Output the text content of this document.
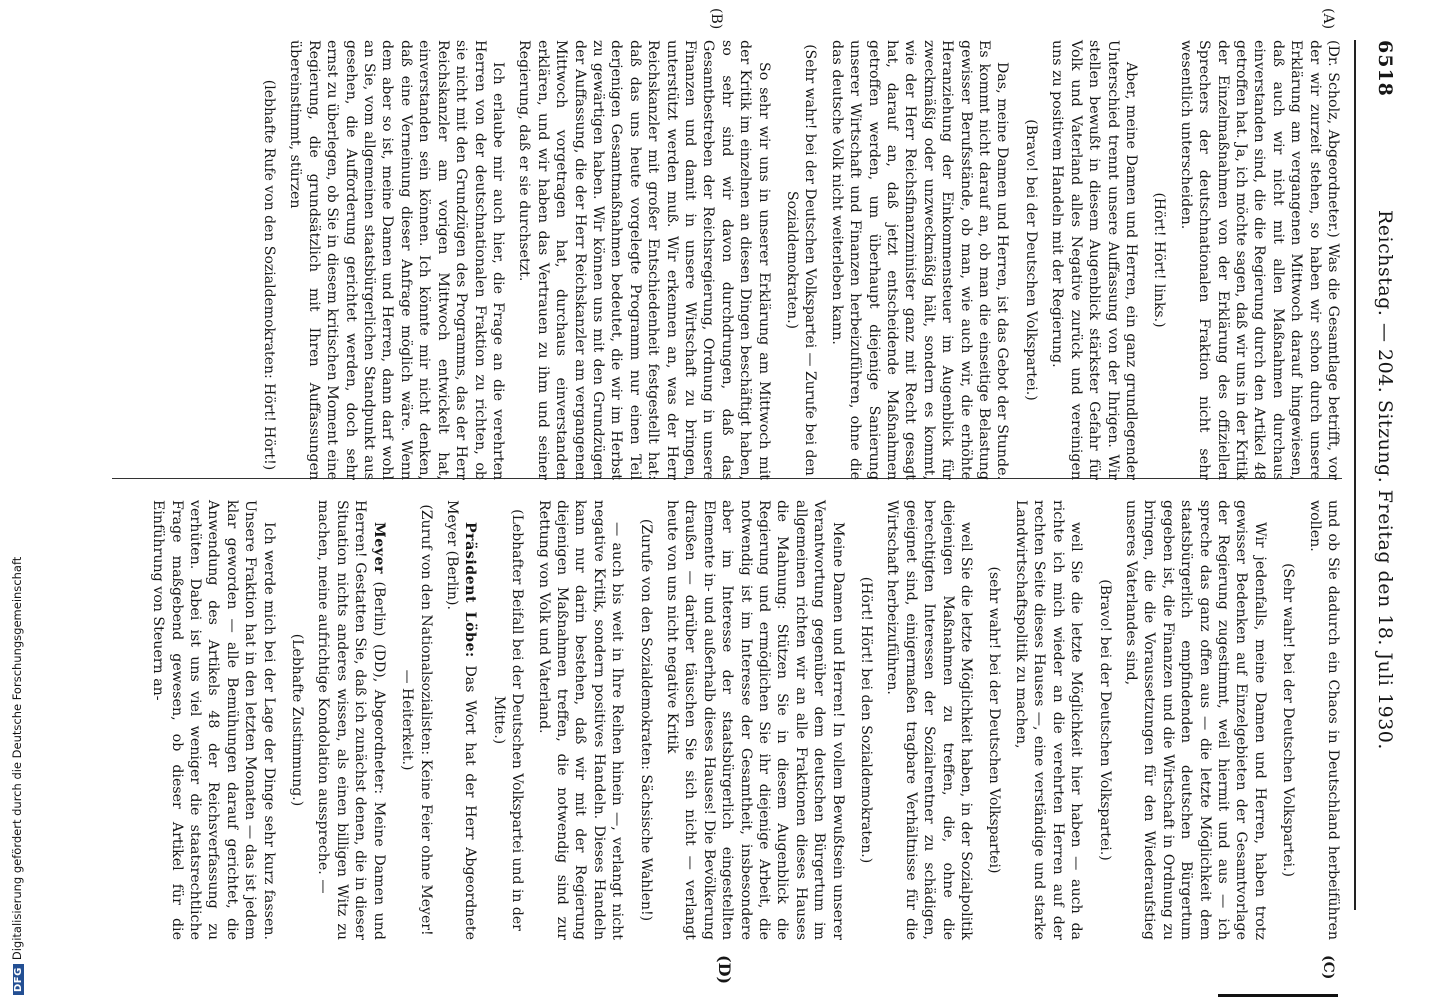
6518
Reichstag. — 204. Sitzung. Freitag den 18. Juli 1930.
(A)
(B)
(C)
(D)
(Dr. Scholz, Abgeordneter.) Was die Gesamtlage betrifft, vor der wir zurzeit stehen, so haben wir schon durch unsere Erklärung am vergangenen Mittwoch darauf hingewiesen, daß auch wir nicht mit allen Maßnahmen durchaus einverstanden sind, die die Regierung durch den Artikel 48 getroffen hat. Ja, ich möchte sagen, daß wir uns in der Kritik der Einzelmaßnahmen von der Erklärung des offiziellen Sprechers der deutschnationalen Fraktion nicht sehr wesentlich unterscheiden.
(Hört! Hört! links.)
Aber, meine Damen und Herren, ein ganz grundlegender Unterschied trennt unsere Auffassung von der Ihrigen. Wir stellen bewußt in diesem Augenblick stärkster Gefahr für Volk und Vaterland alles Negative zurück und vereinigen uns zu positivem Handeln mit der Regierung.
(Bravo! bei der Deutschen Volkspartei.)
Das, meine Damen und Herren, ist das Gebot der Stunde. Es kommt nicht darauf an, ob man die einseitige Belastung gewisser Berufsstände, ob man, wie auch wir, die erhöhte Heranziehung der Einkommensteuer im Augenblick für zweckmäßig oder unzweckmäßig hält, sondern es kommt, wie der Herr Reichsfinanzminister ganz mit Recht gesagt hat, darauf an, daß jetzt entscheidende Maßnahmen getroffen werden, um überhaupt diejenige Sanierung unserer Wirtschaft und Finanzen herbeizuführen, ohne die das deutsche Volk nicht weiterleben kann.
(Sehr wahr! bei der Deutschen Volkspartei — Zurufe bei den Sozialdemokraten.)
So sehr wir uns in unserer Erklärung am Mittwoch mit der Kritik im einzelnen an diesen Dingen beschäftigt haben, so sehr sind wir davon durchdrungen, daß das Gesamtbestreben der Reichsregierung, Ordnung in unsere Finanzen und damit in unsere Wirtschaft zu bringen, unterstützt werden muß. Wir erkennen an, was der Herr Reichskanzler mit großer Entschiedenheit festgestellt hat: daß das uns heute vorgelegte Programm nur einen Teil derjenigen Gesamtmaßnahmen bedeutet, die wir im Herbst zu gewärtigen haben. Wir können uns mit den Grundzügen der Auffassung, die der Herr Reichskanzler am vergangenen Mittwoch vorgetragen hat, durchaus einverstanden erklären, und wir haben das Vertrauen zu ihm und seiner Regierung, daß er sie durchsetzt.
Ich erlaube mir auch hier, die Frage an die verehrten Herren von der deutschnationalen Fraktion zu richten, ob sie nicht mit den Grundzügen des Programms, das der Herr Reichskanzler am vorigen Mittwoch entwickelt hat, einverstanden sein können. Ich könnte mir nicht denken, daß eine Verneinung dieser Anfrage möglich wäre. Wenn dem aber so ist, meine Damen und Herren, dann darf wohl an Sie, vom allgemeinen staatsbürgerlichen Standpunkt aus gesehen, die Aufforderung gerichtet werden, doch sehr ernst zu überlegen, ob Sie in diesem kritischen Moment eine Regierung, die grundsätzlich mit Ihren Auffassungen übereinstimmt, stürzen
(lebhafte Rufe von den Sozialdemokraten: Hört! Hört!)
und ob Sie dadurch ein Chaos in Deutschland herbeiführen wollen.
(Sehr wahr! bei der Deutschen Volkspartei.)
Wir jedenfalls, meine Damen und Herren, haben trotz gewisser Bedenken auf Einzelgebieten der Gesamtvorlage der Regierung zugestimmt, weil hiermit und aus — ich spreche das ganz offen aus — die letzte Möglichkeit dem staatsbürgerlich empfindenden deutschen Bürgertum gegeben ist, die Finanzen und die Wirtschaft in Ordnung zu bringen, die die Voraussetzungen für den Wiederaufstieg unseres Vaterlandes sind,
(Bravo! bei der Deutschen Volkspartei.)
weil Sie die letzte Möglichkeit hier haben — auch da richte ich mich wieder an die verehrten Herren auf der rechten Seite dieses Hauses —, eine verständige und starke Landwirtschaftspolitik zu machen,
(sehr wahr! bei der Deutschen Volkspartei)
weil Sie die letzte Möglichkeit haben, in der Sozialpolitik diejenigen Maßnahmen zu treffen, die, ohne die berechtigten Interessen der Sozialrentner zu schädigen, geeignet sind, einigermaßen tragbare Verhältnisse für die Wirtschaft herbeizuführen.
(Hört! Hört! bei den Sozialdemokraten.)
Meine Damen und Herren! In vollem Bewußtsein unserer Verantwortung gegenüber dem deutschen Bürgertum im allgemeinen richten wir an alle Fraktionen dieses Hauses die Mahnung: Stützen Sie in diesem Augenblick die Regierung und ermöglichen Sie ihr diejenige Arbeit, die notwendig ist im Interesse der Gesamtheit, insbesondere aber im Interesse der staatsbürgerlich eingestellten Elemente in- und außerhalb dieses Hauses! Die Bevölkerung draußen — darüber täuschen Sie sich nicht — verlangt heute von uns nicht negative Kritik
(Zurufe von den Sozialdemokraten: Sächsische Wahlen!)
— auch bis weit in Ihre Reihen hinein —, verlangt nicht negative Kritik, sondern positives Handeln. Dieses Handeln kann nur darin bestehen, daß wir mit der Regierung diejenigen Maßnahmen treffen, die notwendig sind zur Rettung von Volk und Vaterland.
(Lebhafter Beifall bei der Deutschen Volkspartei und in der Mitte.)
Präsident Löbe: Das Wort hat der Herr Abgeordnete Meyer (Berlin).
(Zuruf von den Nationalsozialisten: Keine Feier ohne Meyer! — Heiterkeit.)
Meyer (Berlin) (DD), Abgeordneter: Meine Damen und Herren! Gestatten Sie, daß ich zunächst denen, die in dieser Situation nichts anderes wissen, als einen billigen Witz zu machen, meine aufrichtige Kondolation ausspreche. —
(Lebhafte Zustimmung.)
Ich werde mich bei der Lage der Dinge sehr kurz fassen. Unsere Fraktion hat in den letzten Monaten — das ist jedem klar geworden — alle Bemühungen darauf gerichtet, die Anwendung des Artikels 48 der Reichsverfassung zu verhüten. Dabei ist uns viel weniger die staatsrechtliche Frage maßgebend gewesen, ob dieser Artikel für die Einführung von Steuern an-
DFGDigitalisierung gefördert durch die Deutsche Forschungsgemeinschaft
